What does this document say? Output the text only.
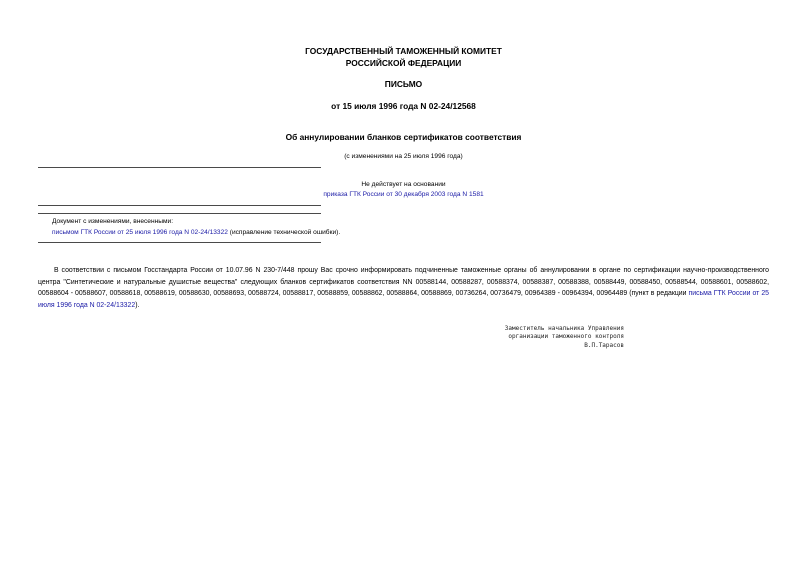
ГОСУДАРСТВЕННЫЙ ТАМОЖЕННЫЙ КОМИТЕТ
РОССИЙСКОЙ ФЕДЕРАЦИИ
ПИСЬМО
от 15 июля 1996 года N 02-24/12568
Об аннулировании бланков сертификатов соответствия
(с изменениями на 25 июля 1996 года)
Не действует на основании
приказа ГТК России от 30 декабря 2003 года N 1581
Документ с изменениями, внесенными:
письмом ГТК России от 25 июля 1996 года N 02-24/13322 (исправление технической ошибки).
В соответствии с письмом Госстандарта России от 10.07.96 N 230-7/448 прошу Вас срочно информировать подчиненные таможенные органы об аннулировании в органе по сертификации научно-производственного центра "Синтетические и натуральные душистые вещества" следующих бланков сертификатов соответствия NN 00588144, 00588287, 00588374, 00588387, 00588388, 00588449, 00588450, 00588544, 00588601, 00588602, 00588604 - 00588607, 00588618, 00588619, 00588630, 00588693, 00588724, 00588817, 00588859, 00588862, 00588864, 00588869, 00736264, 00736479, 00964389 - 00964394, 00964489 (пункт в редакции письма ГТК России от 25 июля 1996 года N 02-24/13322).
Заместитель начальника Управления
организации таможенного контроля
В.П.Тарасов
